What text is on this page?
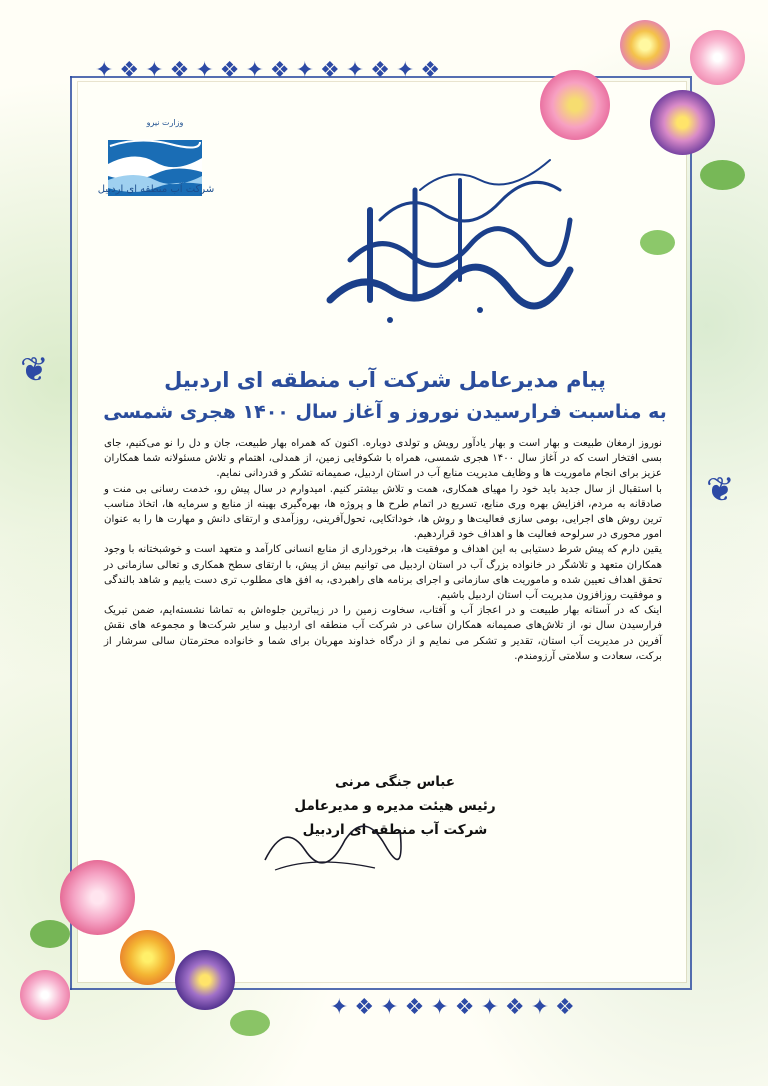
✦❖✦❖✦❖✦❖✦❖✦❖✦❖
✦❖✦❖✦❖✦❖✦❖
❦
❦
وزارت نیرو
شرکت آب منطقه ای اردبیل
یا مقلب القلوب و الابصار یا مدبر اللیل و النهار یا محول الحول و الاحوال حول حالنا الی احسن الحال
پیام مدیرعامل شرکت آب منطقه ای اردبیل
به مناسبت فرارسیدن نوروز و آغاز سال ۱۴۰۰ هجری شمسی

نوروز ارمغان طبیعت و بهار است و بهار یادآور رویش و تولدی دوباره. اکنون که همراه بهار طبیعت، جان و دل را نو می‌کنیم، جای بسی افتخار است که در آغاز سال ۱۴۰۰ هجری شمسی، همراه با شکوفایی زمین، از همدلی، اهتمام و تلاش مسئولانه شما همکاران عزیز برای انجام ماموریت ها و وظایف مدیریت منابع آب در استان اردبیل، صمیمانه تشکر و قدردانی نمایم.

با استقبال از سال جدید باید خود را مهیای همکاری، همت و تلاش بیشتر کنیم. امیدوارم در سال پیش رو، خدمت رسانی بی منت و صادقانه به مردم، افزایش بهره وری منابع، تسریع در اتمام طرح ها و پروژه ها، بهره‌گیری بهینه از منابع و سرمایه ها، اتخاذ مناسب ترین روش های اجرایی، بومی سازی فعالیت‌ها و روش ها، خوداتکایی، تحول‌آفرینی، روزآمدی و ارتقای دانش و مهارت ها را به عنوان امور محوری در سرلوحه فعالیت ها و اهداف خود قراردهیم.

یقین دارم که پیش شرط دستیابی به این اهداف و موفقیت ها، برخورداری از منابع انسانی کارآمد و متعهد است و خوشبختانه با وجود همکاران متعهد و تلاشگر در خانواده بزرگ آب در استان اردبیل می توانیم بیش از پیش، با ارتقای سطح همکاری و تعالی سازمانی در تحقق اهداف تعیین شده و ماموریت های سازمانی و اجرای برنامه های راهبردی، به افق های مطلوب تری دست یابیم و شاهد بالندگی و موفقیت روزافزون مدیریت آب استان اردبیل باشیم.

اینک که در آستانه بهار طبیعت و در اعجاز آب و آفتاب، سخاوت زمین را در زیباترین جلوه‌اش به تماشا نشسته‌ایم، ضمن تبریک فرارسیدن سال نو، از تلاش‌های صمیمانه همکاران ساعی در شرکت آب منطقه ای اردبیل و سایر شرکت‌ها و مجموعه های نقش آفرین در مدیریت آب استان، تقدیر و تشکر می نمایم و از درگاه خداوند مهربان برای شما و خانواده محترمتان سالی سرشار از برکت، سعادت و سلامتی آرزومندم.

عباس جنگی مرنی
رئیس هیئت مدیره و مدیرعامل
شرکت آب منطقه ای اردبیل
